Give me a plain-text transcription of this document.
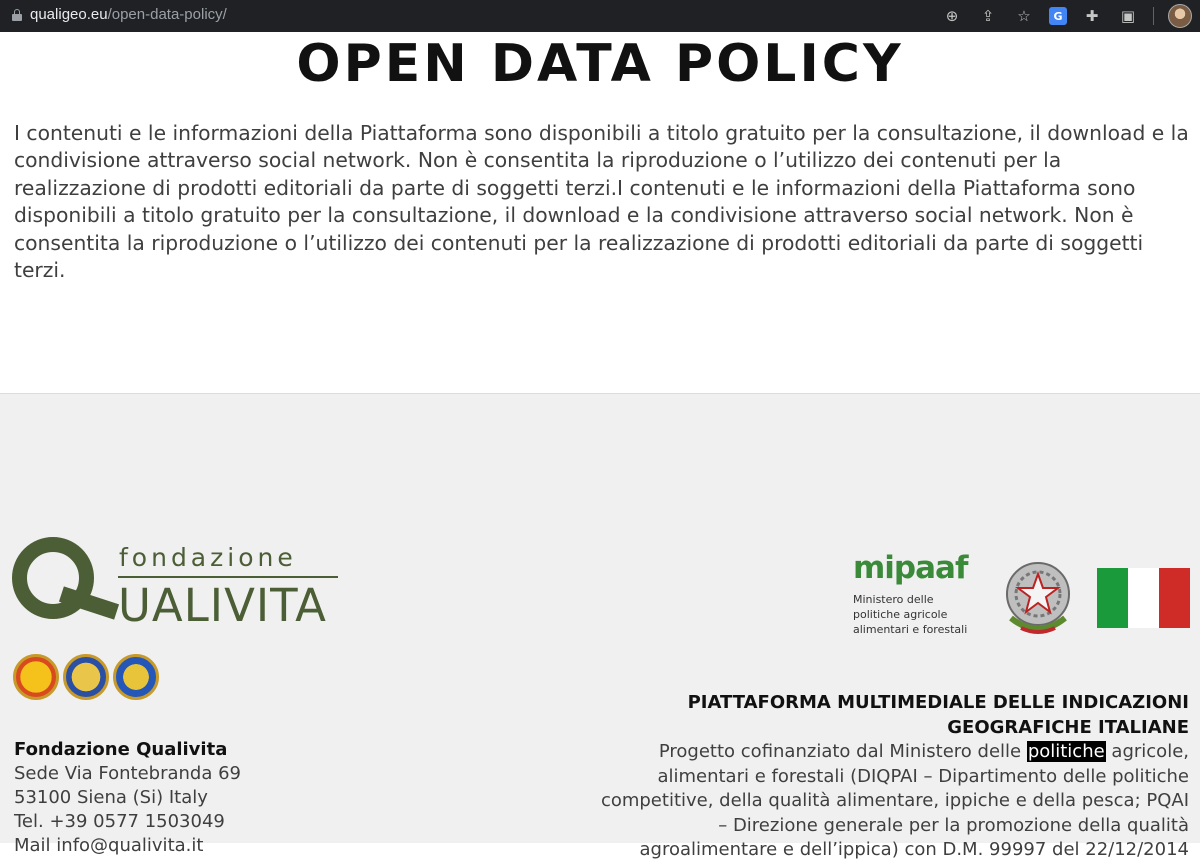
qualigeo.eu/open-data-policy/	⊕	⇪	☆	G	✚	▣
OPEN DATA POLICY

I contenuti e le informazioni della Piattaforma sono disponibili a titolo gratuito per la consultazione, il download e la condivisione attraverso social network. Non è consentita la riproduzione o l’utilizzo dei contenuti per la realizzazione di prodotti editoriali da parte di soggetti terzi.I contenuti e le informazioni della Piattaforma sono disponibili a titolo gratuito per la consultazione, il download e la condivisione attraverso social network. Non è consentita la riproduzione o l’utilizzo dei contenuti per la realizzazione di prodotti editoriali da parte di soggetti terzi.

fondazione
UALIVITA
Fondazione Qualivita
Sede Via Fontebranda 69
53100 Siena (Si) Italy
Tel. +39 0577 1503049
Mail info@qualivita.it
mipaaf
Ministero delle
politiche agricole
alimentari e forestali
PIATTAFORMA MULTIMEDIALE DELLE INDICAZIONI
GEOGRAFICHE ITALIANE
Progetto cofinanziato dal Ministero delle politiche agricole, alimentari e forestali (DIQPAI – Dipartimento delle politiche competitive, della qualità alimentare, ippiche e della pesca; PQAI – Direzione generale per la promozione della qualità agroalimentare e dell’ippica) con D.M. 99997 del 22/12/2014
